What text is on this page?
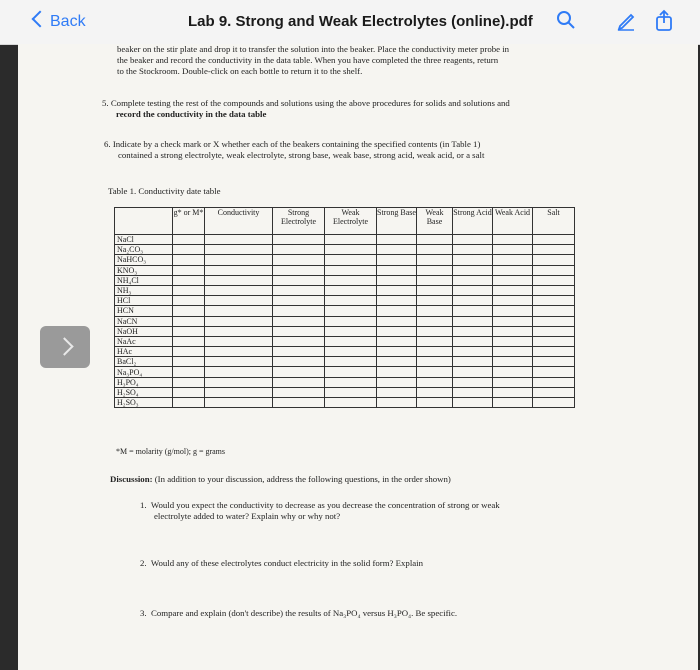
Back	Lab 9. Strong and Weak Electrolytes (online).pdf
beaker on the stir plate and drop it to transfer the solution into the beaker. Place the conductivity meter probe in
the beaker and record the conductivity in the data table. When you have completed the three reagents, return
to the Stockroom. Double-click on each bottle to return it to the shelf.
5. Complete testing the rest of the compounds and solutions using the above procedures for solids and solutions and
record the conductivity in the data table
6. Indicate by a check mark or X whether each of the beakers containing the specified contents (in Table 1)
contained a strong electrolyte, weak electrolyte, strong base, weak base, strong acid, weak acid, or a salt
Table 1. Conductivity date table
	g* or M*	Conductivity	Strong Electrolyte	Weak Electrolyte	Strong Base	Weak Base	Strong Acid	Weak Acid	Salt
NaCl									
Na₂CO₃									
NaHCO₃									
KNO₃									
NH₄Cl									
NH₃									
HCl									
HCN									
NaCN									
NaOH									
NaAc									
HAc									
BaCl₂									
Na₃PO₄									
H₃PO₄									
H₂SO₄									
H₂SO₃									
*M = molarity (g/mol); g = grams
Discussion: (In addition to your discussion, address the following questions, in the order shown)
1. Would you expect the conductivity to decrease as you decrease the concentration of strong or weak
electrolyte added to water? Explain why or why not?
2. Would any of these electrolytes conduct electricity in the solid form? Explain
3. Compare and explain (don't describe) the results of Na₃PO₄ versus H₃PO₄. Be specific.
